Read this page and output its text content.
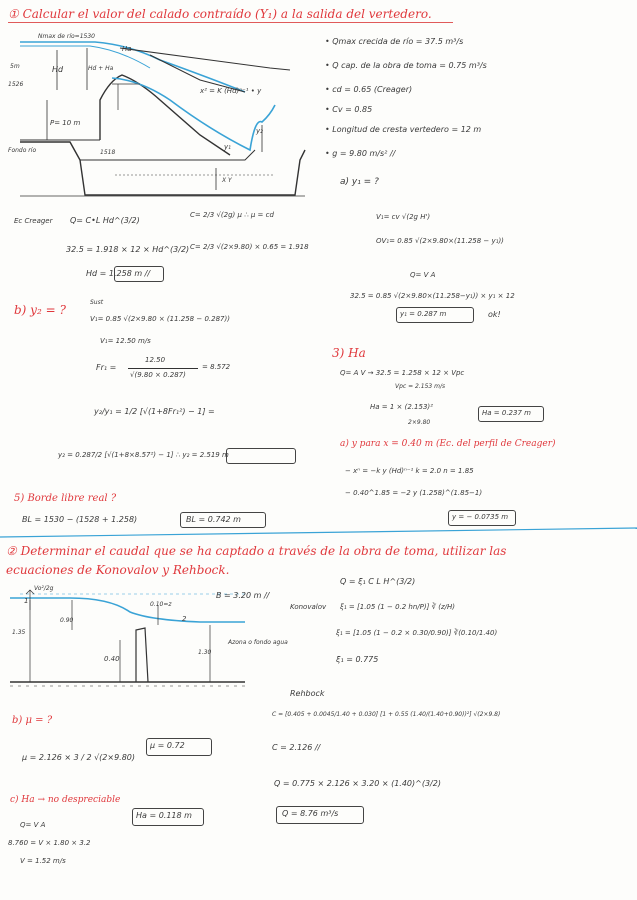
① Calcular el valor del calado contraído (Y₁) a la salida del vertedero.
Nmax de río=1530
Hd
Ha
Hd + Ha
1526
5m
P= 10 m
Fondo río	1518
x² = K (Hd)ⁿ⁻¹ • y
y₁
y₂
X Y
• Qmax crecida de río = 37.5 m³/s
• Q cap. de la obra de toma = 0.75 m³/s
• cd = 0.65 (Creager)
• Cv = 0.85
• Longitud de cresta vertedero = 12 m
• g = 9.80 m/s² //
a) y₁ = ?
Ec Creager Q= C•L Hd^(3/2)
32.5 = 1.918 × 12 × Hd^(3/2)
Hd = 1.258 m //
C= 2/3 √(2g) μ ∴ μ = cd
C= 2/3 √(2×9.80) × 0.65 = 1.918
V₁= cv √(2g H')
OV₁= 0.85 √(2×9.80×(11.258 − y₁))
Q= V A
32.5 = 0.85 √(2×9.80×(11.258−y₁)) × y₁ × 12
y₁ = 0.287 m	ok!
b) y₂ = ?
Sust
V₁= 0.85 √(2×9.80 × (11.258 − 0.287))
V₁= 12.50 m/s
Fr₁ =
12.50
√(9.80 × 0.287)
= 8.572
y₂/y₁ = 1/2 [√(1+8Fr₁²) − 1] =
y₂ = 0.287/2 [√(1+8×8.57²) − 1] ∴ y₂ = 2.519 m
3) Ha
Q= A V → 32.5 = 1.258 × 12 × Vpc
Vpc = 2.153 m/s
Ha = 1 × (2.153)²
2×9.80
Ha = 0.237 m
a) y para x = 0.40 m (Ec. del perfil de Creager)
− xⁿ = −k y (Hd)ⁿ⁻¹ k = 2.0 n = 1.85
− 0.40^1.85 = −2 y (1.258)^(1.85−1)
y = − 0.0735 m
5) Borde libre real ?
BL = 1530 − (1528 + 1.258)	BL = 0.742 m
② Determinar el caudal que se ha captado a través de la obra de toma, utilizar las ecuaciones de Konovalov y Rehbock.
Vo²/2g
B = 3.20 m //
1.35
0.90
0.40
1.30
0.10=z
Azona o fondo agua
1
2
Q = ξ₁ C L H^(3/2)
Konovalov ξ₁ = [1.05 (1 − 0.2 hn/P)] ∛ (z/H)
ξ₁ = [1.05 (1 − 0.2 × 0.30/0.90)] ∛(0.10/1.40)
ξ₁ = 0.775
Rehbock
C = [0.405 + 0.0045/1.40 + 0.030] [1 + 0.55 (1.40/(1.40+0.90))²] √(2×9.8)
C = 2.126 //
Q = 0.775 × 2.126 × 3.20 × (1.40)^(3/2)
Q = 8.76 m³/s
b) μ = ?
μ = 2.126 × 3 / 2 √(2×9.80)
μ = 0.72
c) Ha → no despreciable
Q= V A
8.760 = V × 1.80 × 3.2
V = 1.52 m/s
Ha = 0.118 m
